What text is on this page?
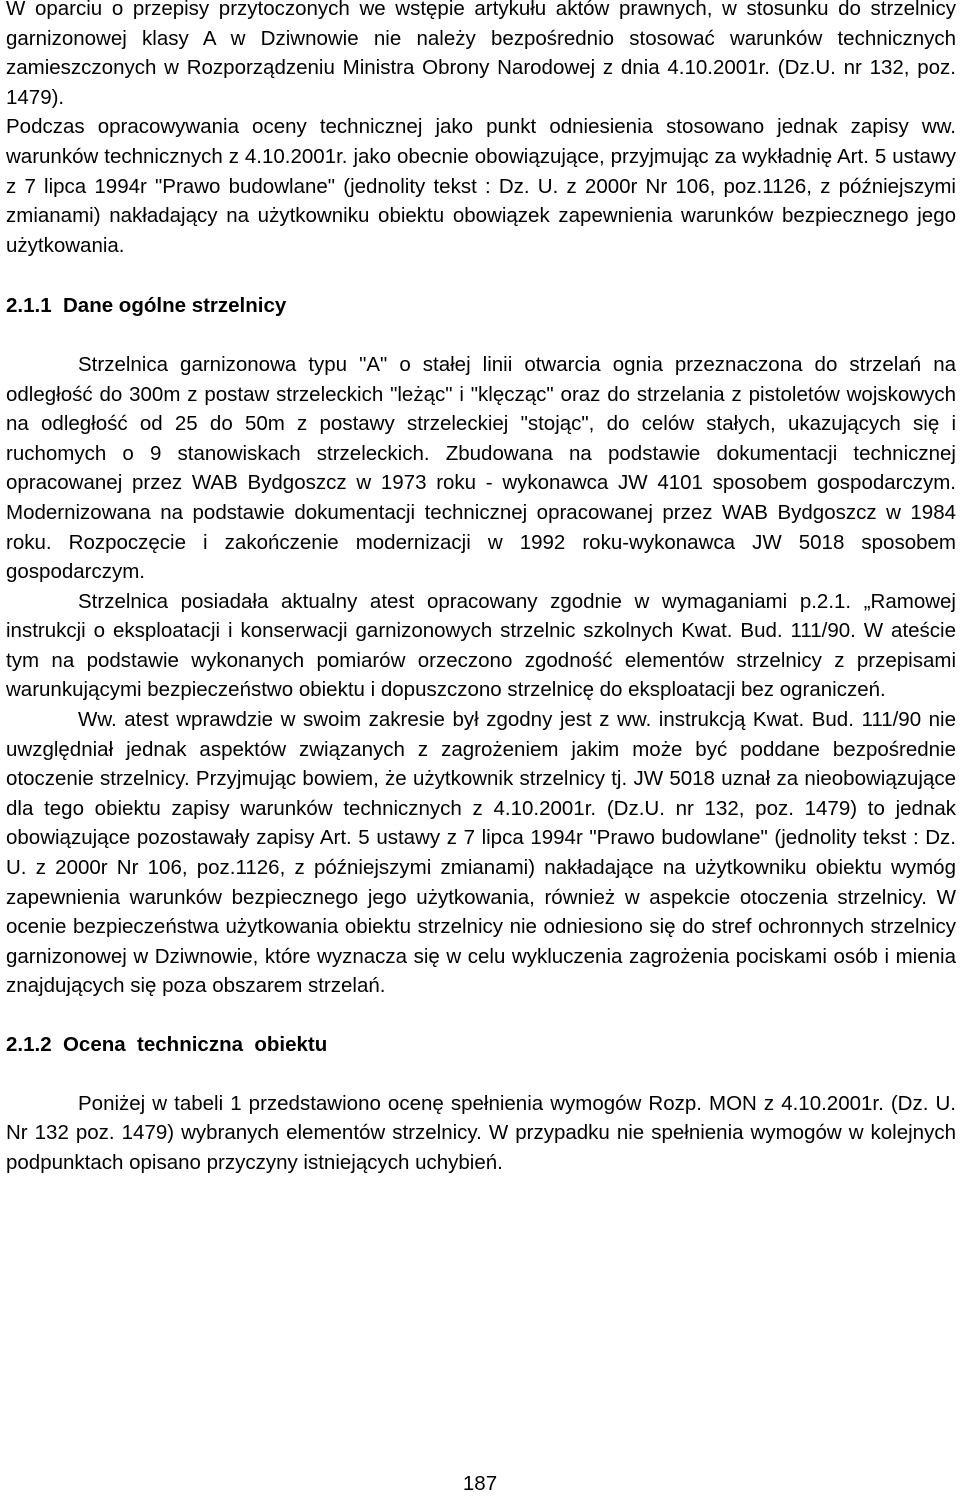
W oparciu o przepisy przytoczonych we wstępie artykułu aktów prawnych, w stosunku do strzelnicy garnizonowej klasy A w Dziwnowie nie należy bezpośrednio stosować warunków technicznych zamieszczonych w Rozporządzeniu Ministra Obrony Narodowej z dnia 4.10.2001r. (Dz.U. nr 132, poz. 1479).

Podczas opracowywania oceny technicznej jako punkt odniesienia stosowano jednak zapisy ww. warunków technicznych z 4.10.2001r. jako obecnie obowiązujące, przyjmując za wykładnię Art. 5 ustawy z 7 lipca 1994r "Prawo budowlane" (jednolity tekst : Dz. U. z 2000r Nr 106, poz.1126, z późniejszymi zmianami) nakładający na użytkowniku obiektu obowiązek zapewnienia warunków bezpiecznego jego użytkowania.

2.1.1  Dane ogólne strzelnicy

Strzelnica garnizonowa typu "A" o stałej linii otwarcia ognia przeznaczona do strzelań na odległość do 300m z postaw strzeleckich "leżąc" i "klęcząc" oraz do strzelania z pistoletów wojskowych na odległość od 25 do 50m z postawy strzeleckiej "stojąc", do celów stałych, ukazujących się i ruchomych o 9 stanowiskach strzeleckich. Zbudowana na podstawie dokumentacji technicznej opracowanej przez WAB Bydgoszcz w 1973 roku - wykonawca JW 4101 sposobem gospodarczym. Modernizowana na podstawie dokumentacji technicznej opracowanej przez WAB Bydgoszcz w 1984 roku. Rozpoczęcie i zakończenie modernizacji w 1992 roku-wykonawca JW 5018 sposobem gospodarczym.

Strzelnica posiadała aktualny atest opracowany zgodnie w wymaganiami p.2.1. „Ramowej instrukcji o eksploatacji i konserwacji garnizonowych strzelnic szkolnych Kwat. Bud. 111/90. W ateście tym na podstawie wykonanych pomiarów orzeczono zgodność elementów strzelnicy z przepisami warunkującymi bezpieczeństwo obiektu i dopuszczono strzelnicę do eksploatacji bez ograniczeń.

Ww. atest wprawdzie w swoim zakresie był zgodny jest z ww. instrukcją Kwat. Bud. 111/90 nie uwzględniał jednak aspektów związanych z zagrożeniem jakim może być poddane bezpośrednie otoczenie strzelnicy. Przyjmując bowiem, że użytkownik strzelnicy tj. JW 5018 uznał za nieobowiązujące dla tego obiektu zapisy warunków technicznych z 4.10.2001r. (Dz.U. nr 132, poz. 1479) to jednak obowiązujące pozostawały zapisy Art. 5 ustawy z 7 lipca 1994r "Prawo budowlane" (jednolity tekst : Dz. U. z 2000r Nr 106, poz.1126, z późniejszymi zmianami) nakładające na użytkowniku obiektu wymóg zapewnienia warunków bezpiecznego jego użytkowania, również w aspekcie otoczenia strzelnicy. W ocenie bezpieczeństwa użytkowania obiektu strzelnicy nie odniesiono się do stref ochronnych strzelnicy garnizonowej w Dziwnowie, które wyznacza się w celu wykluczenia zagrożenia pociskami osób i mienia znajdujących się poza obszarem strzelań.

2.1.2  Ocena  techniczna  obiektu

Poniżej w tabeli 1 przedstawiono ocenę spełnienia wymogów Rozp. MON z 4.10.2001r. (Dz. U. Nr 132 poz. 1479) wybranych elementów strzelnicy. W przypadku nie spełnienia wymogów w kolejnych podpunktach opisano przyczyny istniejących uchybień.

187
